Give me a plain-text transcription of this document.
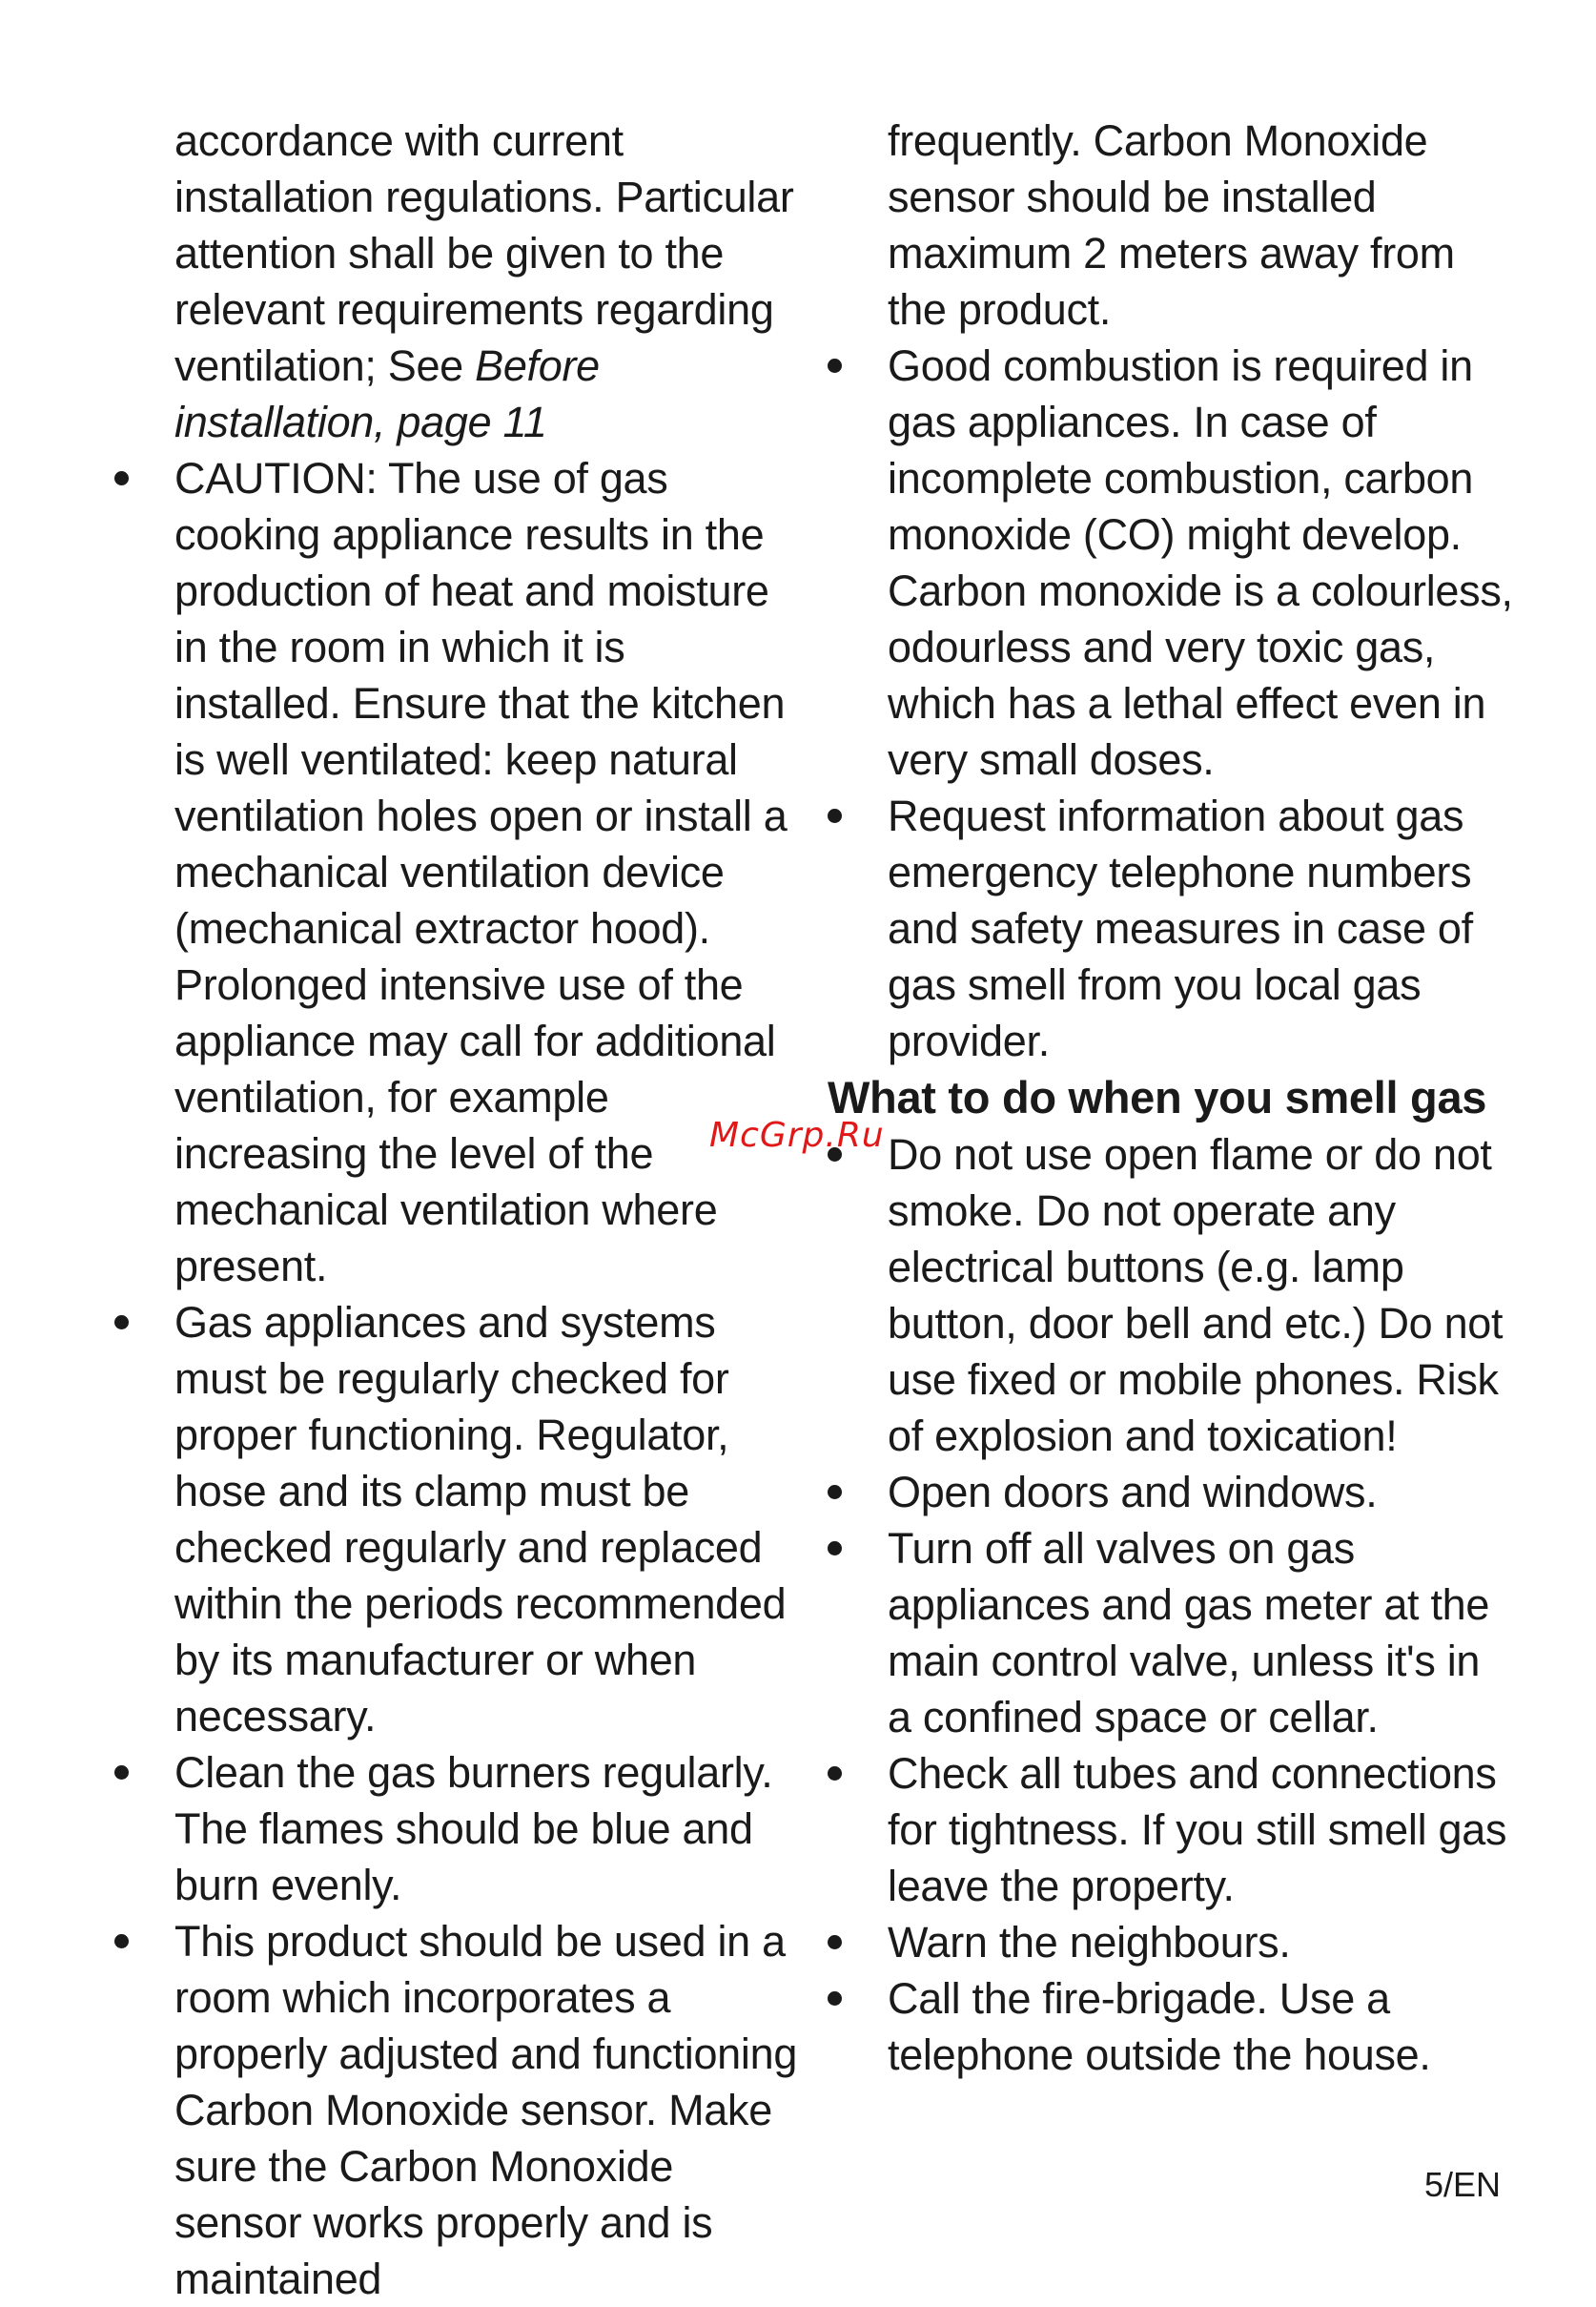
accordance with current installation regulations. Particular attention shall be given to the relevant requirements regarding ventilation; See Before installation, page 11

CAUTION: The use of gas cooking appliance results in the production of heat and moisture in the room in which it is installed. Ensure that the kitchen is well ventilated: keep natural ventilation holes open or install a mechanical ventilation device (mechanical extractor hood). Prolonged intensive use of the appliance may call for additional ventilation, for example increasing the level of the mechanical ventilation where present.

Gas appliances and systems must be regularly checked for proper functioning. Regulator, hose and its clamp must be checked regularly and replaced within the periods recommended by its manufacturer or when necessary.

Clean the gas burners regularly. The flames should be blue and burn evenly.

This product should be used in a room which incorporates a properly adjusted and functioning Carbon Monoxide sensor. Make sure the Carbon Monoxide sensor works properly and is maintained

frequently. Carbon Monoxide sensor should be installed maximum 2 meters away from the product.

Good combustion is required in gas appliances. In case of incomplete combustion, carbon monoxide (CO) might develop. Carbon monoxide is a colourless, odourless and very toxic gas, which has a lethal effect even in very small doses.

Request information about gas emergency telephone numbers and safety measures in case of gas smell from you local gas provider.

What to do when you smell gas

Do not use open flame or do not smoke. Do not operate any electrical buttons (e.g. lamp button, door bell and etc.) Do not use fixed or mobile phones. Risk of explosion and toxication!

Open doors and windows.

Turn off all valves on gas appliances and gas meter at the main control valve, unless it's in a confined space or cellar.

Check all tubes and connections for tightness. If you still smell gas leave the property.

Warn the neighbours.

Call the fire-brigade. Use a telephone outside the house.

McGrp.Ru
5/EN
